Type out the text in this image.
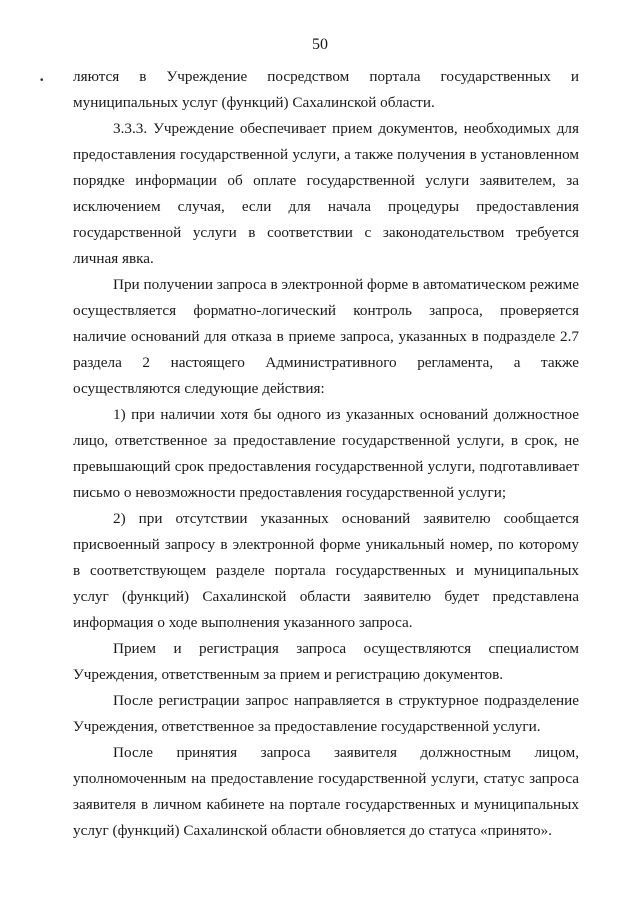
50
• ляются в Учреждение посредством портала государственных и муниципальных услуг (функций) Сахалинской области.

3.3.3. Учреждение обеспечивает прием документов, необходимых для предоставления государственной услуги, а также получения в установленном порядке информации об оплате государственной услуги заявителем, за исключением случая, если для начала процедуры предоставления государственной услуги в соответствии с законодательством требуется личная явка.

При получении запроса в электронной форме в автоматическом режиме осуществляется форматно-логический контроль запроса, проверяется наличие оснований для отказа в приеме запроса, указанных в подразделе 2.7 раздела 2 настоящего Административного регламента, а также осуществляются следующие действия:

1) при наличии хотя бы одного из указанных оснований должностное лицо, ответственное за предоставление государственной услуги, в срок, не превышающий срок предоставления государственной услуги, подготавливает письмо о невозможности предоставления государственной услуги;

2) при отсутствии указанных оснований заявителю сообщается присвоенный запросу в электронной форме уникальный номер, по которому в соответствующем разделе портала государственных и муниципальных услуг (функций) Сахалинской области заявителю будет представлена информация о ходе выполнения указанного запроса.

Прием и регистрация запроса осуществляются специалистом Учреждения, ответственным за прием и регистрацию документов.

После регистрации запрос направляется в структурное подразделение Учреждения, ответственное за предоставление государственной услуги.

После принятия запроса заявителя должностным лицом, уполномоченным на предоставление государственной услуги, статус запроса заявителя в личном кабинете на портале государственных и муниципальных услуг (функций) Сахалинской области обновляется до статуса «принято».
